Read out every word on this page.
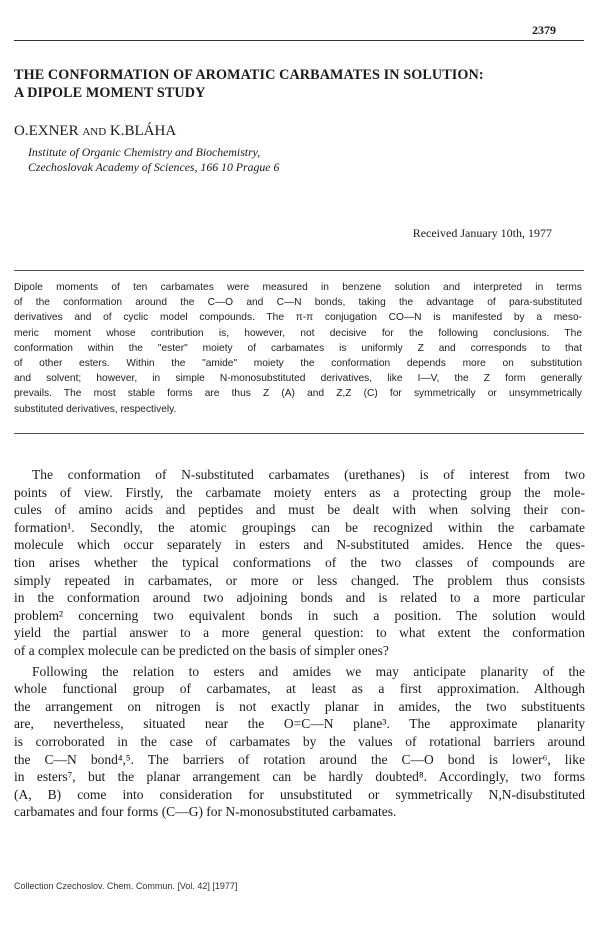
2379
THE CONFORMATION OF AROMATIC CARBAMATES IN SOLUTION:
A DIPOLE MOMENT STUDY
O.EXNER and K.BLÁHA
Institute of Organic Chemistry and Biochemistry,
Czechoslovak Academy of Sciences, 166 10 Prague 6
Received January 10th, 1977
Dipole moments of ten carbamates were measured in benzene solution and interpreted in terms
of the conformation around the C—O and C—N bonds, taking the advantage of para-substituted
derivatives and of cyclic model compounds. The π-π conjugation CO—N is manifested by a meso-
meric moment whose contribution is, however, not decisive for the following conclusions. The
conformation within the "ester" moiety of carbamates is uniformly Z and corresponds to that
of other esters. Within the "amide" moiety the conformation depends more on substitution
and solvent; however, in simple N-monosubstituted derivatives, like I—V, the Z form generally
prevails. The most stable forms are thus Z (A) and Z,Z (C) for symmetrically or unsymmetrically
substituted derivatives, respectively.
The conformation of N-substituted carbamates (urethanes) is of interest from two
points of view. Firstly, the carbamate moiety enters as a protecting group the mole-
cules of amino acids and peptides and must be dealt with when solving their con-
formation¹. Secondly, the atomic groupings can be recognized within the carbamate
molecule which occur separately in esters and N-substituted amides. Hence the ques-
tion arises whether the typical conformations of the two classes of compounds are
simply repeated in carbamates, or more or less changed. The problem thus consists
in the conformation around two adjoining bonds and is related to a more particular
problem² concerning two equivalent bonds in such a position. The solution would
yield the partial answer to a more general question: to what extent the conformation
of a complex molecule can be predicted on the basis of simpler ones?
Following the relation to esters and amides we may anticipate planarity of the
whole functional group of carbamates, at least as a first approximation. Although
the arrangement on nitrogen is not exactly planar in amides, the two substituents
are, nevertheless, situated near the O=C—N plane³. The approximate planarity
is corroborated in the case of carbamates by the values of rotational barriers around
the C—N bond⁴,⁵. The barriers of rotation around the C—O bond is lower⁶, like
in esters⁷, but the planar arrangement can be hardly doubted⁸. Accordingly, two forms
(A, B) come into consideration for unsubstituted or symmetrically N,N-disubstituted
carbamates and four forms (C—G) for N-monosubstituted carbamates.
Collection Czechoslov. Chem. Commun. [Vol. 42] [1977]
